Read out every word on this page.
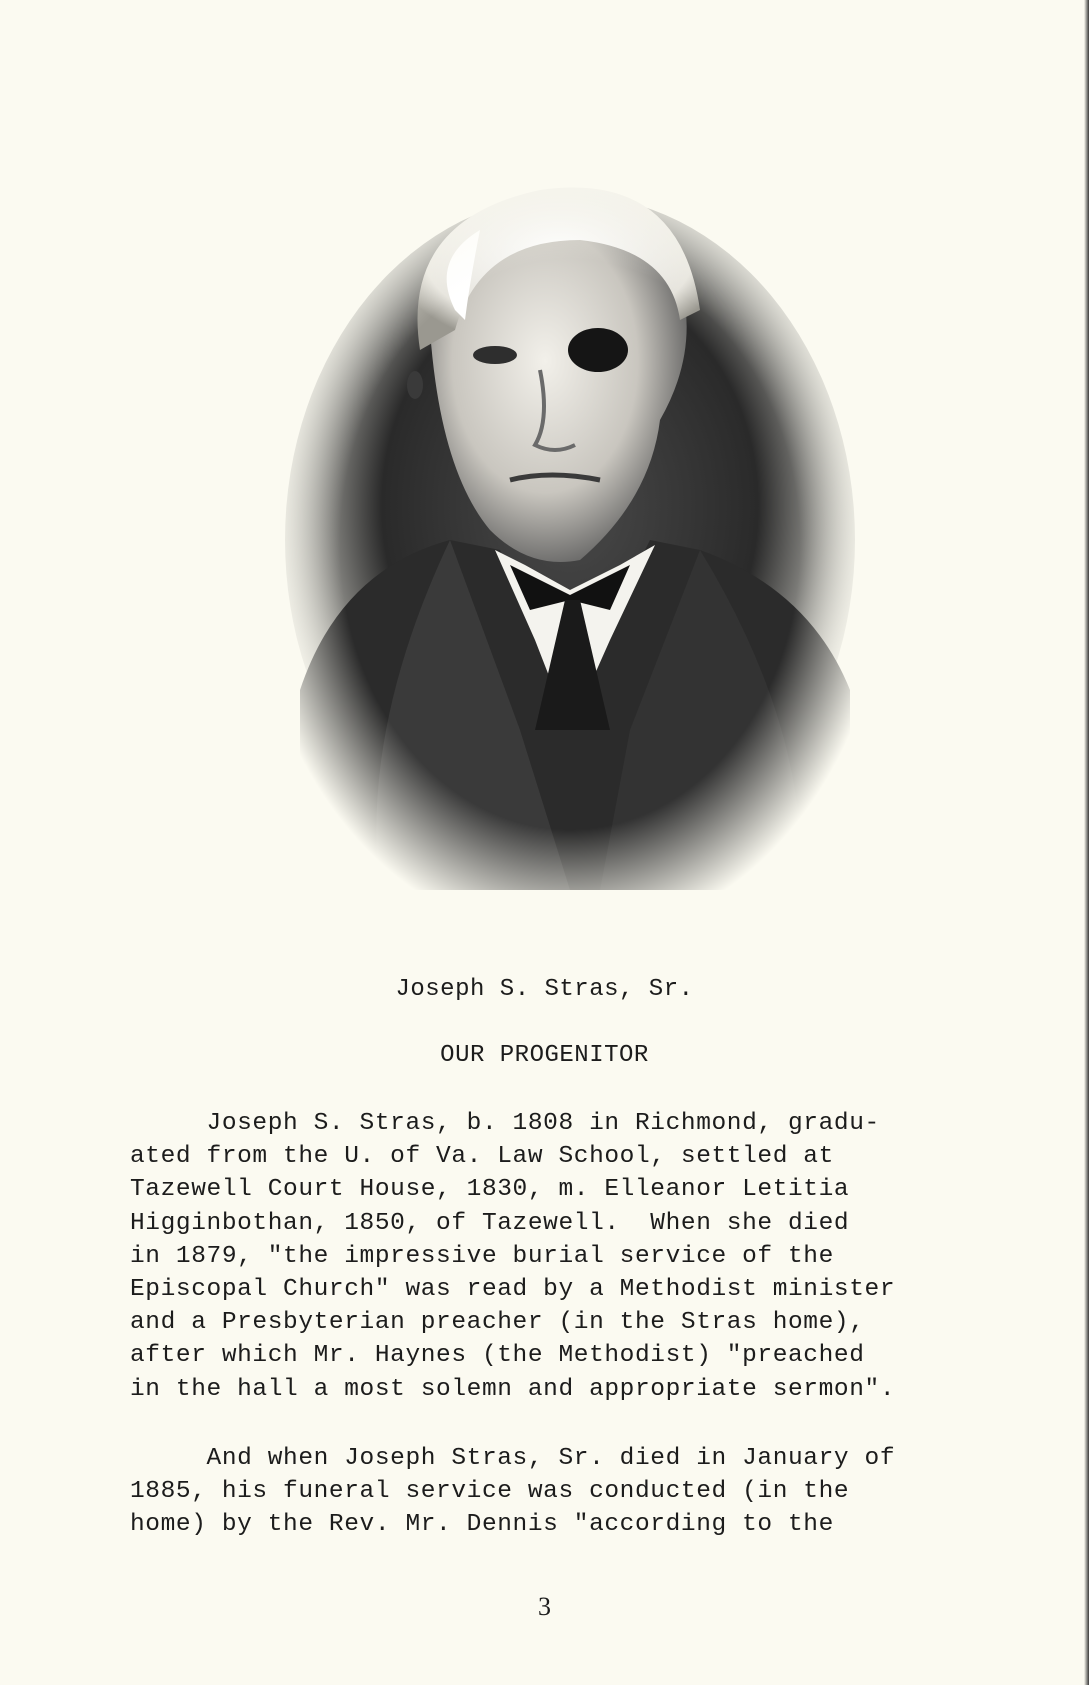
Joseph S. Stras, Sr.
OUR PROGENITOR
Joseph S. Stras, b. 1808 in Richmond, gradu-
ated from the U. of Va. Law School, settled at
Tazewell Court House, 1830, m. Elleanor Letitia
Higginbothan, 1850, of Tazewell.  When she died
in 1879, "the impressive burial service of the
Episcopal Church" was read by a Methodist minister
and a Presbyterian preacher (in the Stras home),
after which Mr. Haynes (the Methodist) "preached
in the hall a most solemn and appropriate sermon".
And when Joseph Stras, Sr. died in January of
1885, his funeral service was conducted (in the
home) by the Rev. Mr. Dennis "according to the
3
